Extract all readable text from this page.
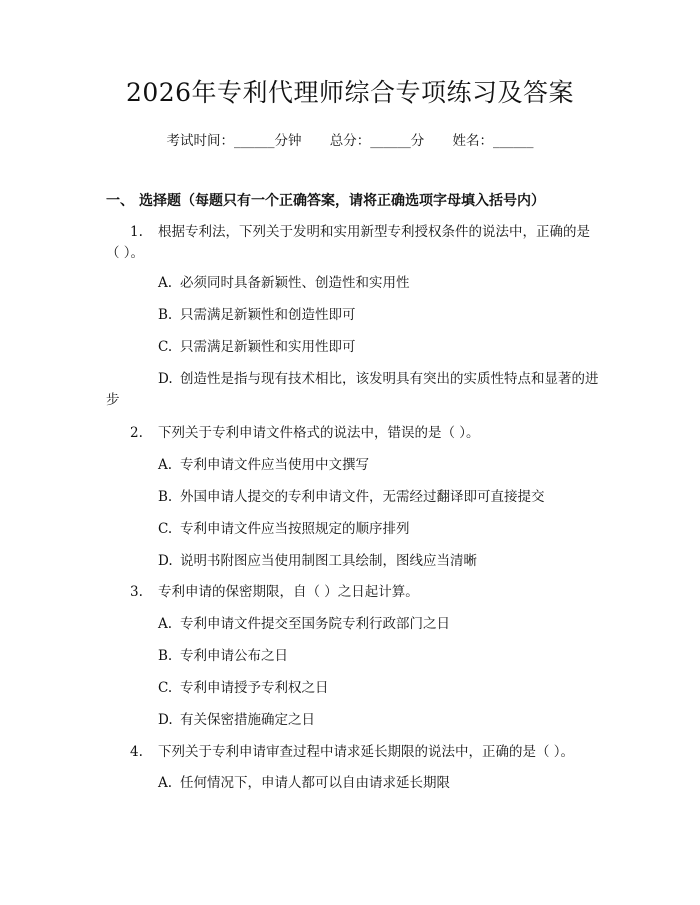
2026年专利代理师综合专项练习及答案
考试时间：______分钟 总分：______分 姓名：______
一、 选择题（每题只有一个正确答案，请将正确选项字母填入括号内）
1. 根据专利法，下列关于发明和实用新型专利授权条件的说法中，正确的是（ ）。
A. 必须同时具备新颖性、创造性和实用性
B. 只需满足新颖性和创造性即可
C. 只需满足新颖性和实用性即可
D. 创造性是指与现有技术相比，该发明具有突出的实质性特点和显著的进步
2. 下列关于专利申请文件格式的说法中，错误的是（ ）。
A. 专利申请文件应当使用中文撰写
B. 外国申请人提交的专利申请文件，无需经过翻译即可直接提交
C. 专利申请文件应当按照规定的顺序排列
D. 说明书附图应当使用制图工具绘制，图线应当清晰
3. 专利申请的保密期限，自（ ）之日起计算。
A. 专利申请文件提交至国务院专利行政部门之日
B. 专利申请公布之日
C. 专利申请授予专利权之日
D. 有关保密措施确定之日
4. 下列关于专利申请审查过程中请求延长期限的说法中，正确的是（ ）。
A. 任何情况下，申请人都可以自由请求延长期限
